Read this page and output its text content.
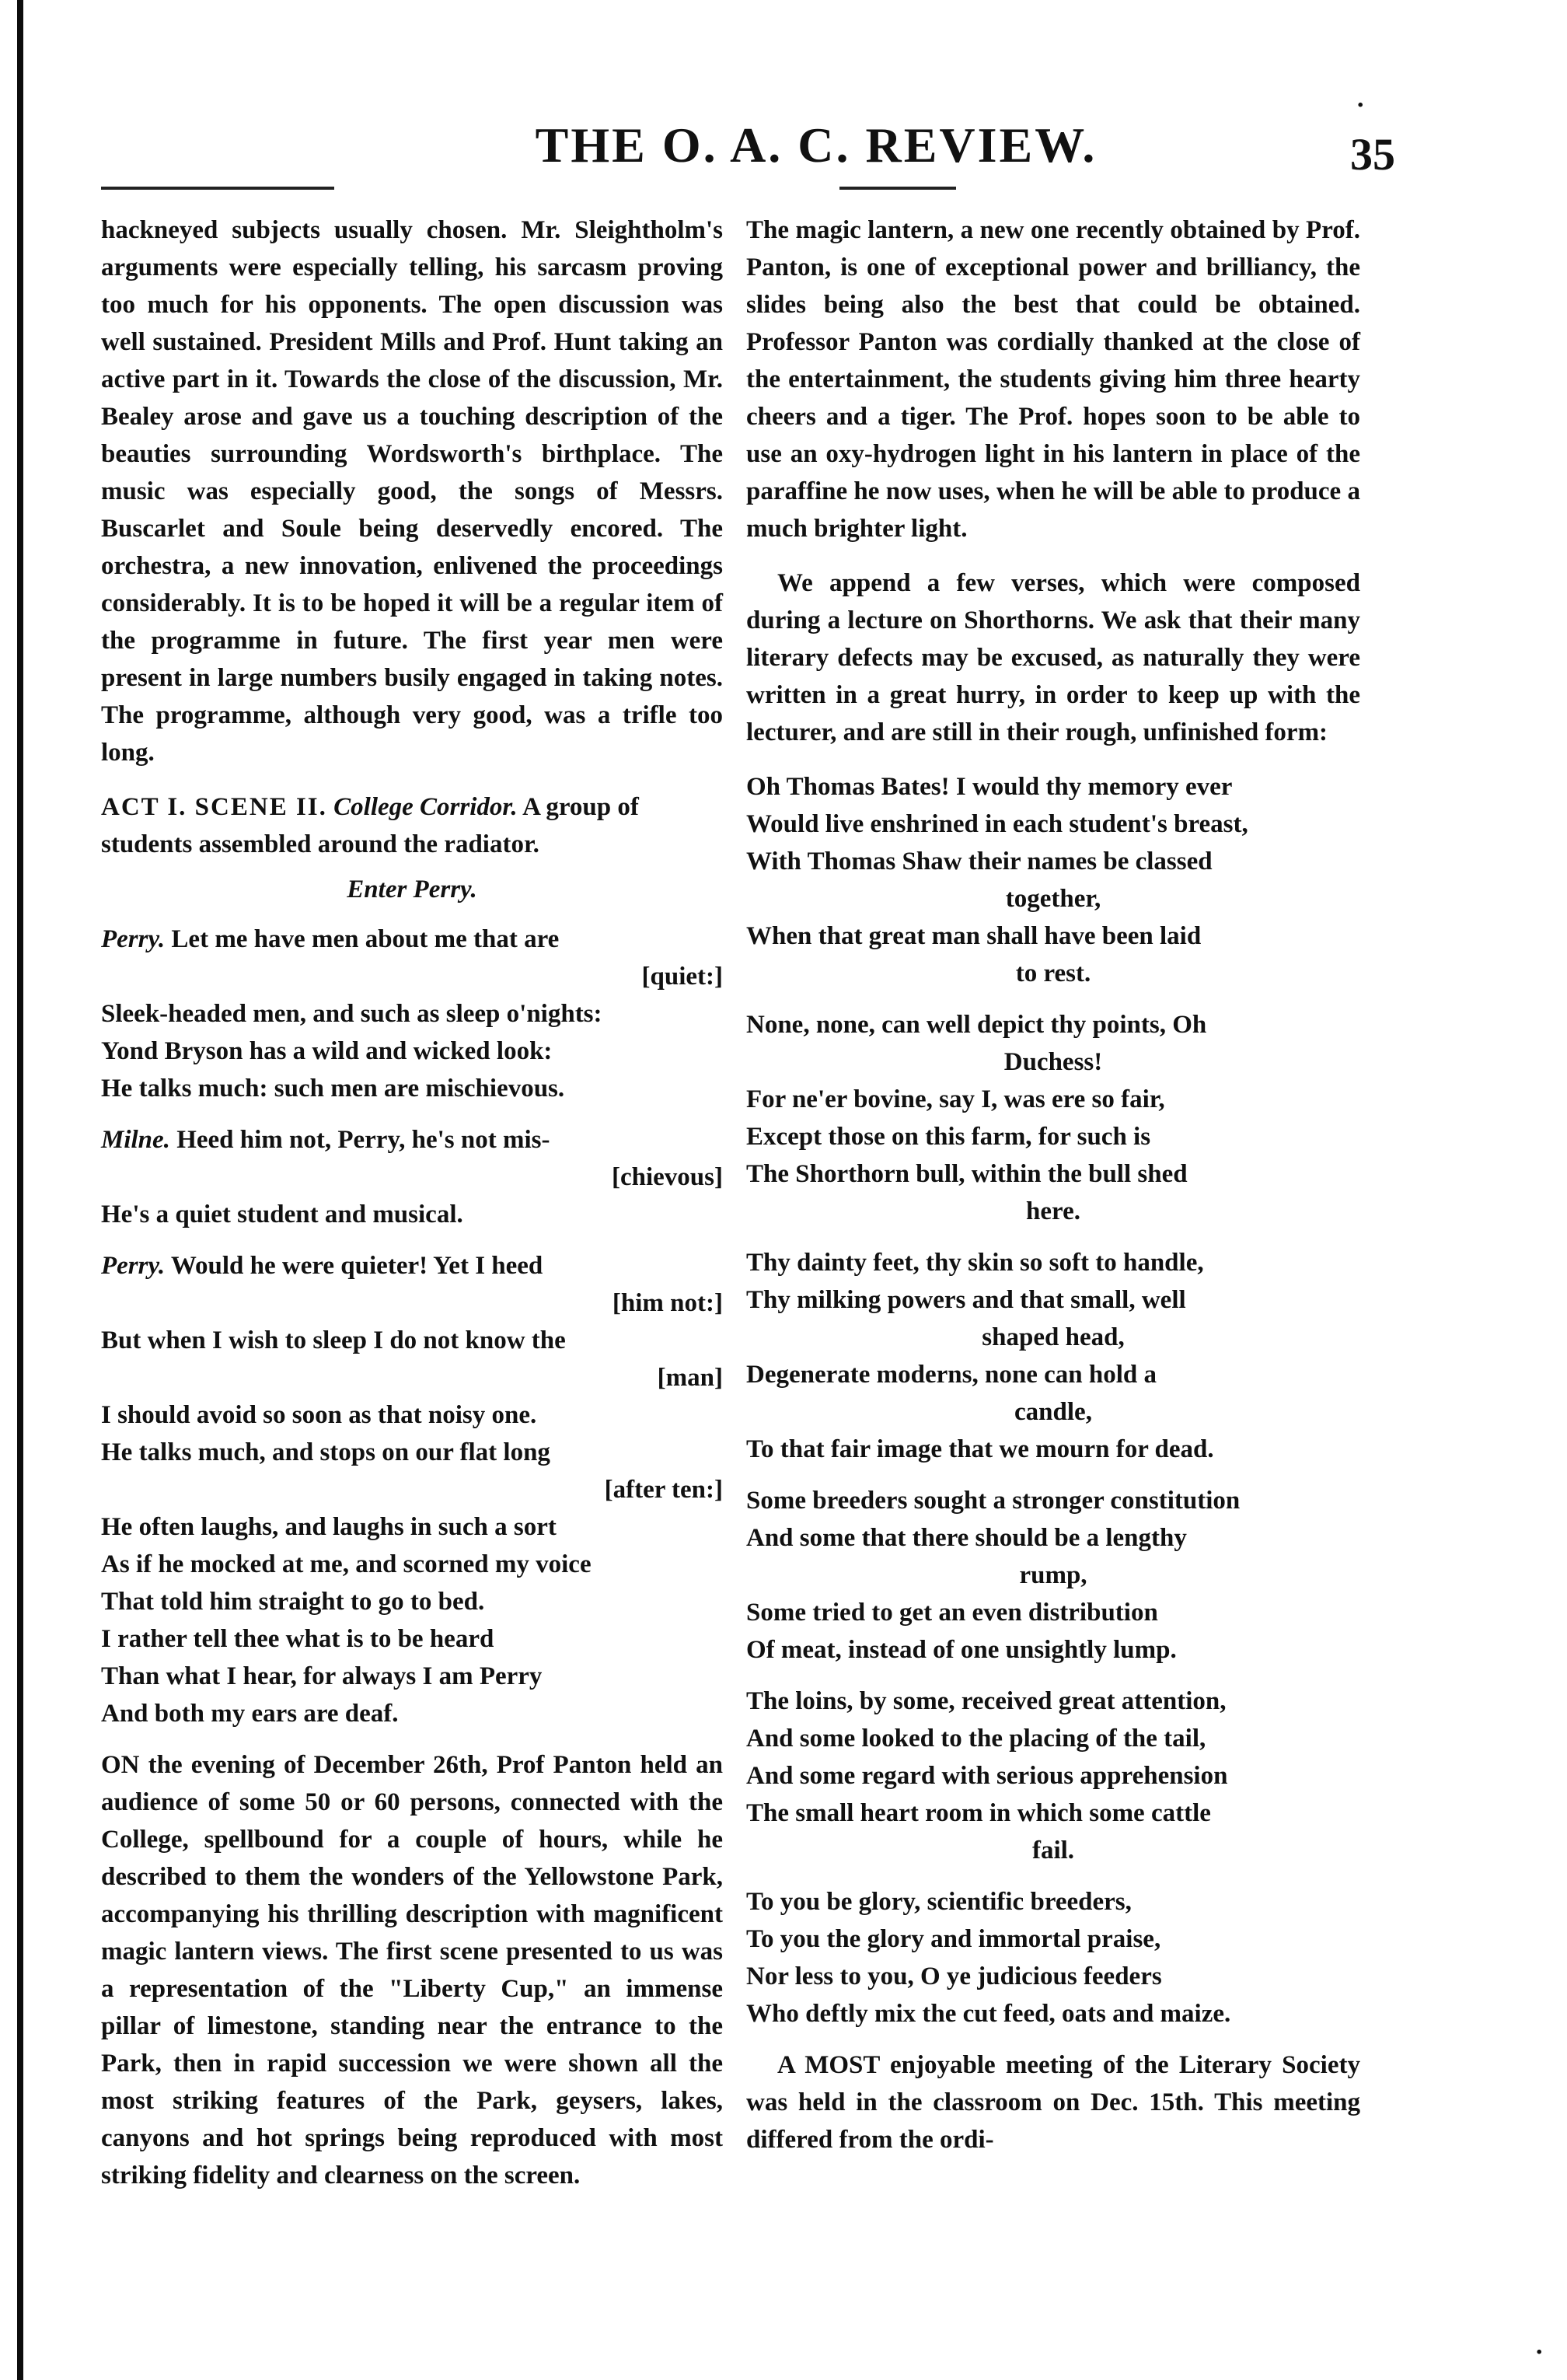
THE O. A. C. REVIEW.	35

hackneyed subjects usually chosen. Mr. Sleightholm's arguments were especially telling, his sarcasm proving too much for his opponents. The open discussion was well sustained. President Mills and Prof. Hunt taking an active part in it. Towards the close of the discussion, Mr. Bealey arose and gave us a touching description of the beauties surrounding Wordsworth's birthplace. The music was especially good, the songs of Messrs. Buscarlet and Soule being deservedly encored. The orchestra, a new innovation, enlivened the proceedings considerably. It is to be hoped it will be a regular item of the programme in future. The first year men were present in large numbers busily engaged in taking notes. The programme, although very good, was a trifle too long.

ACT I. SCENE II. College Corridor. A group of students assembled around the radiator.
Enter Perry.
Perry. Let me have men about me that are
[quiet:]
Sleek-headed men, and such as sleep o'nights:
Yond Bryson has a wild and wicked look:
He talks much: such men are mischievous.
Milne. Heed him not, Perry, he's not mis-
[chievous]
He's a quiet student and musical.
Perry. Would he were quieter! Yet I heed
[him not:]
But when I wish to sleep I do not know the
[man]
I should avoid so soon as that noisy one.
He talks much, and stops on our flat long
[after ten:]
He often laughs, and laughs in such a sort
As if he mocked at me, and scorned my voice
That told him straight to go to bed.
I rather tell thee what is to be heard
Than what I hear, for always I am Perry
And both my ears are deaf.

ON the evening of December 26th, Prof Panton held an audience of some 50 or 60 persons, connected with the College, spellbound for a couple of hours, while he described to them the wonders of the Yellowstone Park, accompanying his thrilling description with magnificent magic lantern views. The first scene presented to us was a representation of the "Liberty Cup," an immense pillar of limestone, standing near the entrance to the Park, then in rapid succession we were shown all the most striking features of the Park, geysers, lakes, canyons and hot springs being reproduced with most striking fidelity and clearness on the screen.

The magic lantern, a new one recently obtained by Prof. Panton, is one of exceptional power and brilliancy, the slides being also the best that could be obtained. Professor Panton was cordially thanked at the close of the entertainment, the students giving him three hearty cheers and a tiger. The Prof. hopes soon to be able to use an oxy-hydrogen light in his lantern in place of the paraffine he now uses, when he will be able to produce a much brighter light.

We append a few verses, which were composed during a lecture on Shorthorns. We ask that their many literary defects may be excused, as naturally they were written in a great hurry, in order to keep up with the lecturer, and are still in their rough, unfinished form:

Oh Thomas Bates! I would thy memory ever
Would live enshrined in each student's breast,
With Thomas Shaw their names be classed
together,
When that great man shall have been laid
to rest.
None, none, can well depict thy points, Oh
Duchess!
For ne'er bovine, say I, was ere so fair,
Except those on this farm, for such is
The Shorthorn bull, within the bull shed
here.
Thy dainty feet, thy skin so soft to handle,
Thy milking powers and that small, well
shaped head,
Degenerate moderns, none can hold a
candle,
To that fair image that we mourn for dead.
Some breeders sought a stronger constitution
And some that there should be a lengthy
rump,
Some tried to get an even distribution
Of meat, instead of one unsightly lump.
The loins, by some, received great attention,
And some looked to the placing of the tail,
And some regard with serious apprehension
The small heart room in which some cattle
fail.
To you be glory, scientific breeders,
To you the glory and immortal praise,
Nor less to you, O ye judicious feeders
Who deftly mix the cut feed, oats and maize.

A MOST enjoyable meeting of the Literary Society was held in the classroom on Dec. 15th. This meeting differed from the ordi-

.
.
